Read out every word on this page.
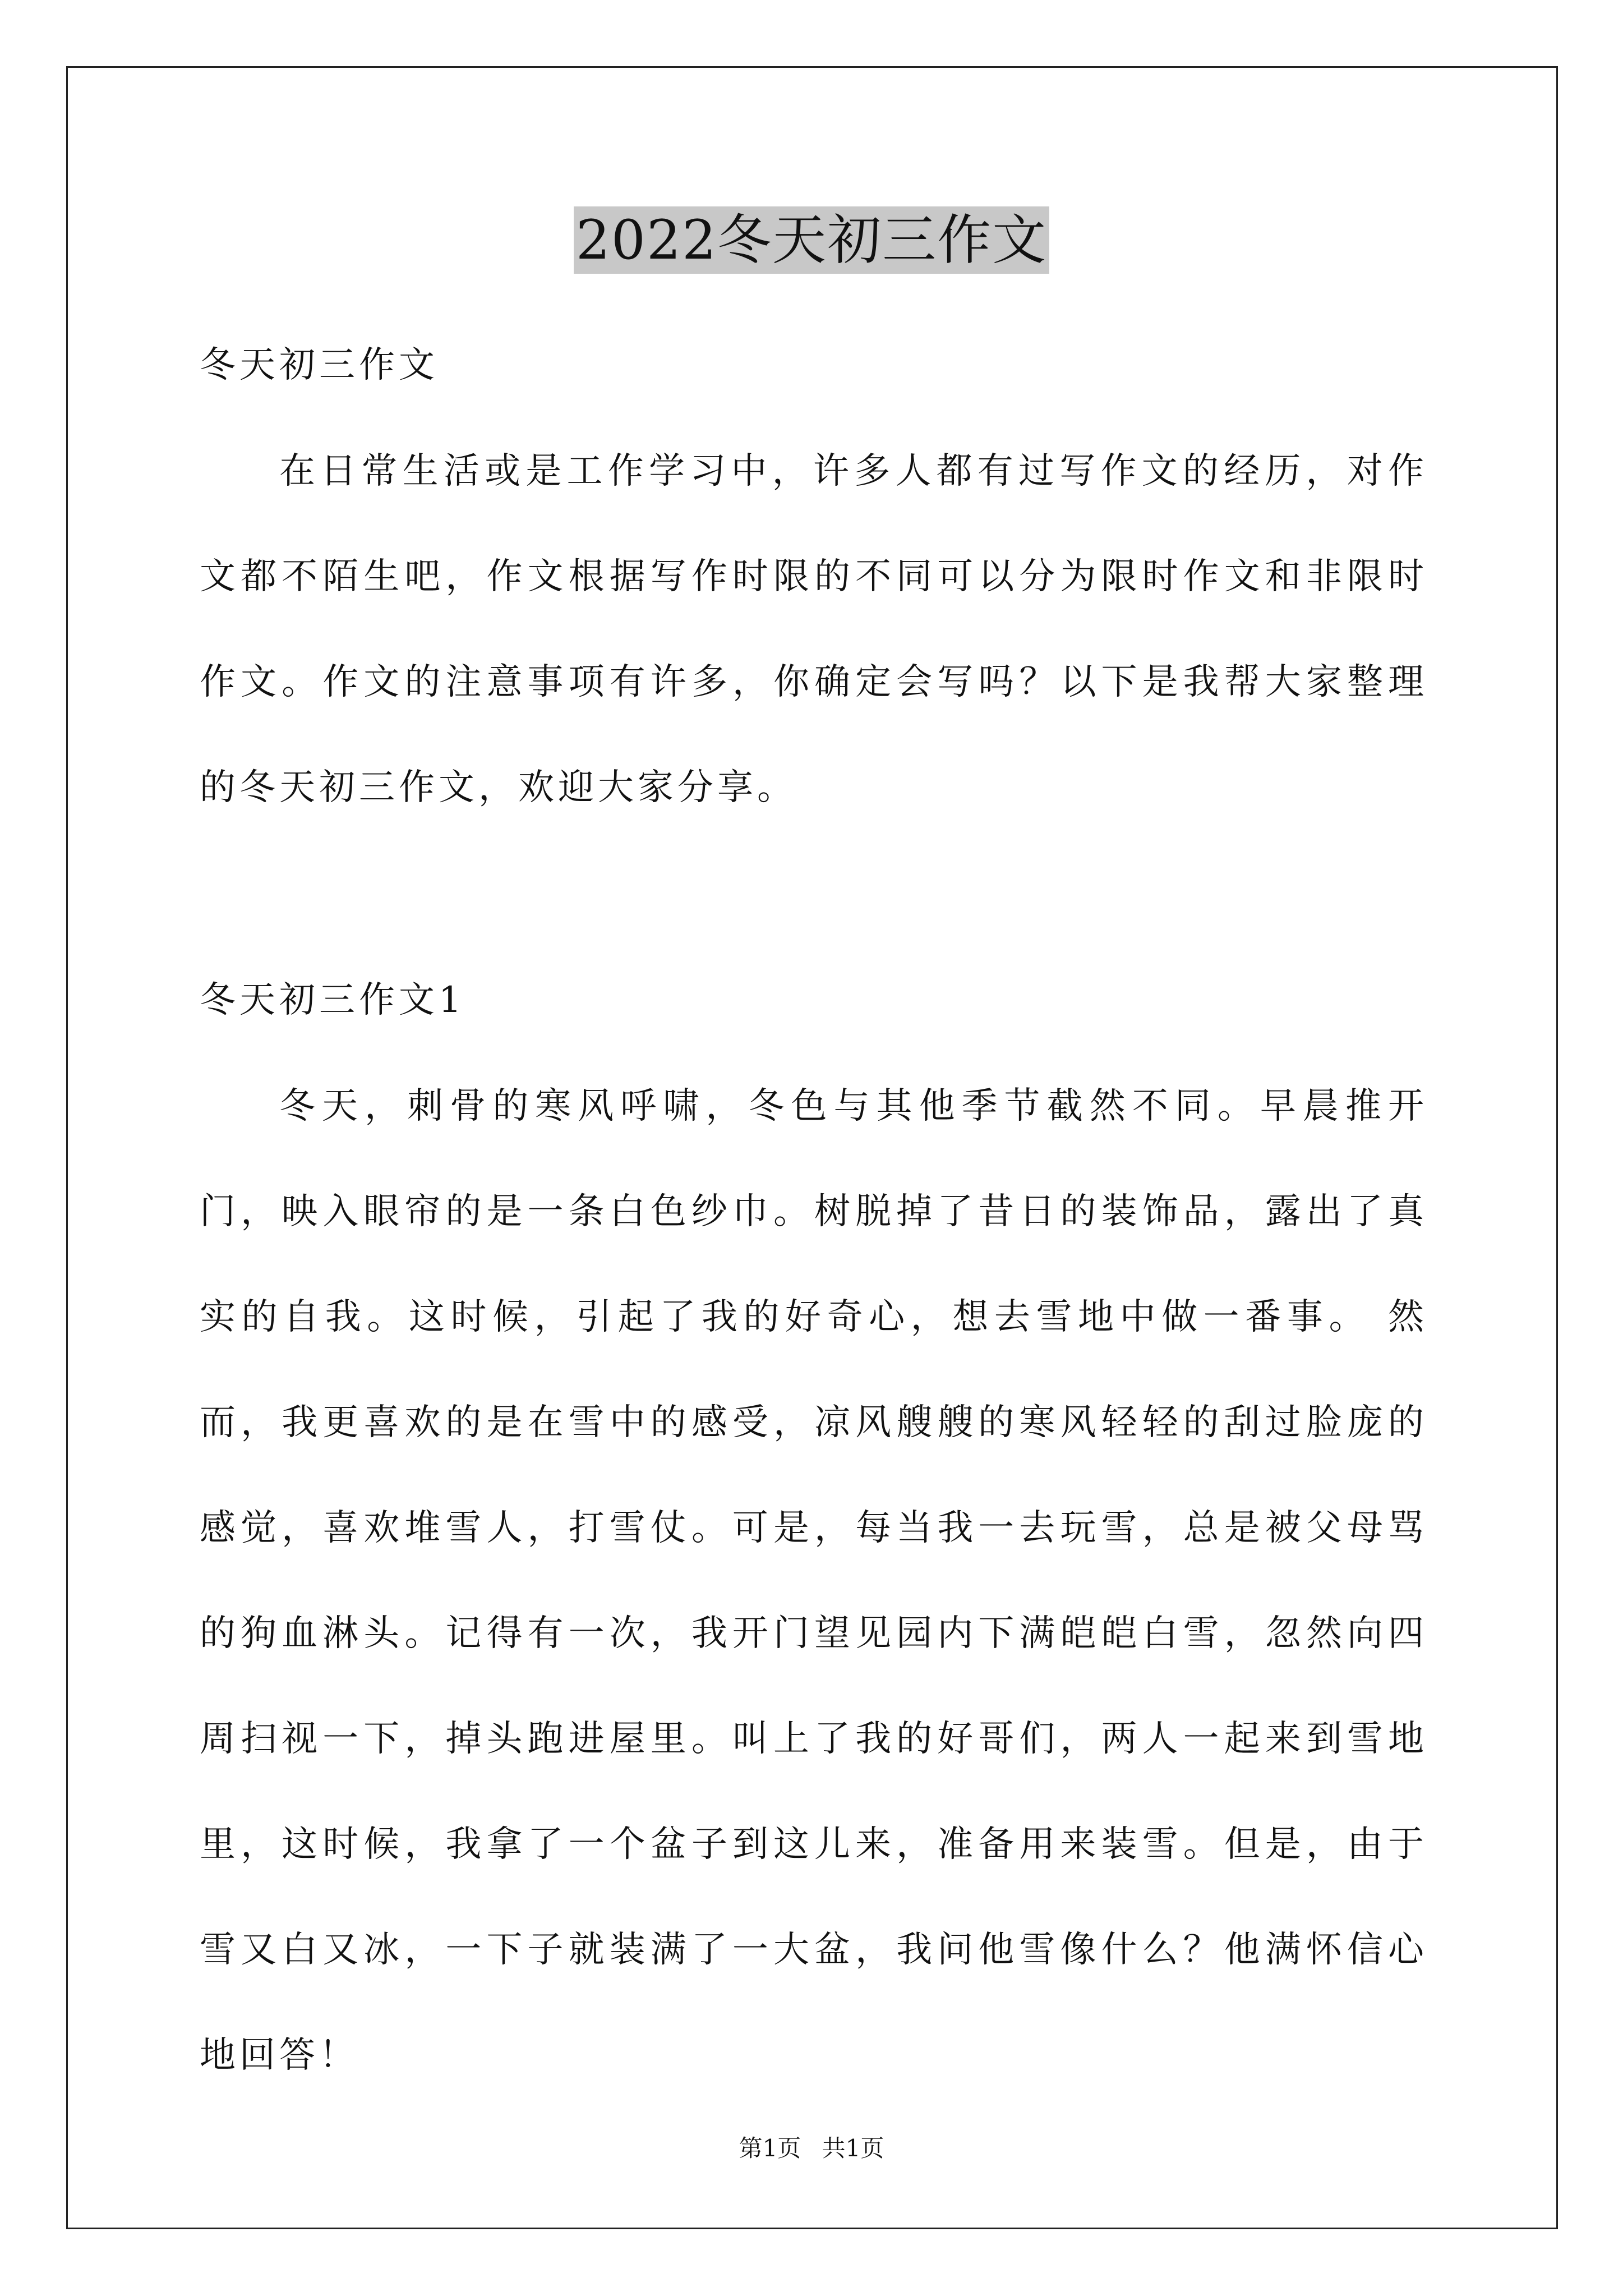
2022冬天初三作文

冬天初三作文

在日常生活或是工作学习中，许多人都有过写作文的经历，对作文都不陌生吧，作文根据写作时限的不同可以分为限时作文和非限时作文。作文的注意事项有许多，你确定会写吗？以下是我帮大家整理的冬天初三作文，欢迎大家分享。

冬天初三作文1

冬天，刺骨的寒风呼啸，冬色与其他季节截然不同。早晨推开门，映入眼帘的是一条白色纱巾。树脱掉了昔日的装饰品，露出了真实的自我。这时候，引起了我的好奇心，想去雪地中做一番事。 然而，我更喜欢的是在雪中的感受，凉风艘艘的寒风轻轻的刮过脸庞的感觉，喜欢堆雪人，打雪仗。可是，每当我一去玩雪，总是被父母骂的狗血淋头。记得有一次，我开门望见园内下满皑皑白雪，忽然向四周扫视一下，掉头跑进屋里。叫上了我的好哥们，两人一起来到雪地里，这时候，我拿了一个盆子到这儿来，准备用来装雪。但是，由于雪又白又冰，一下子就装满了一大盆，我问他雪像什么？他满怀信心地回答！

第1页 共1页
